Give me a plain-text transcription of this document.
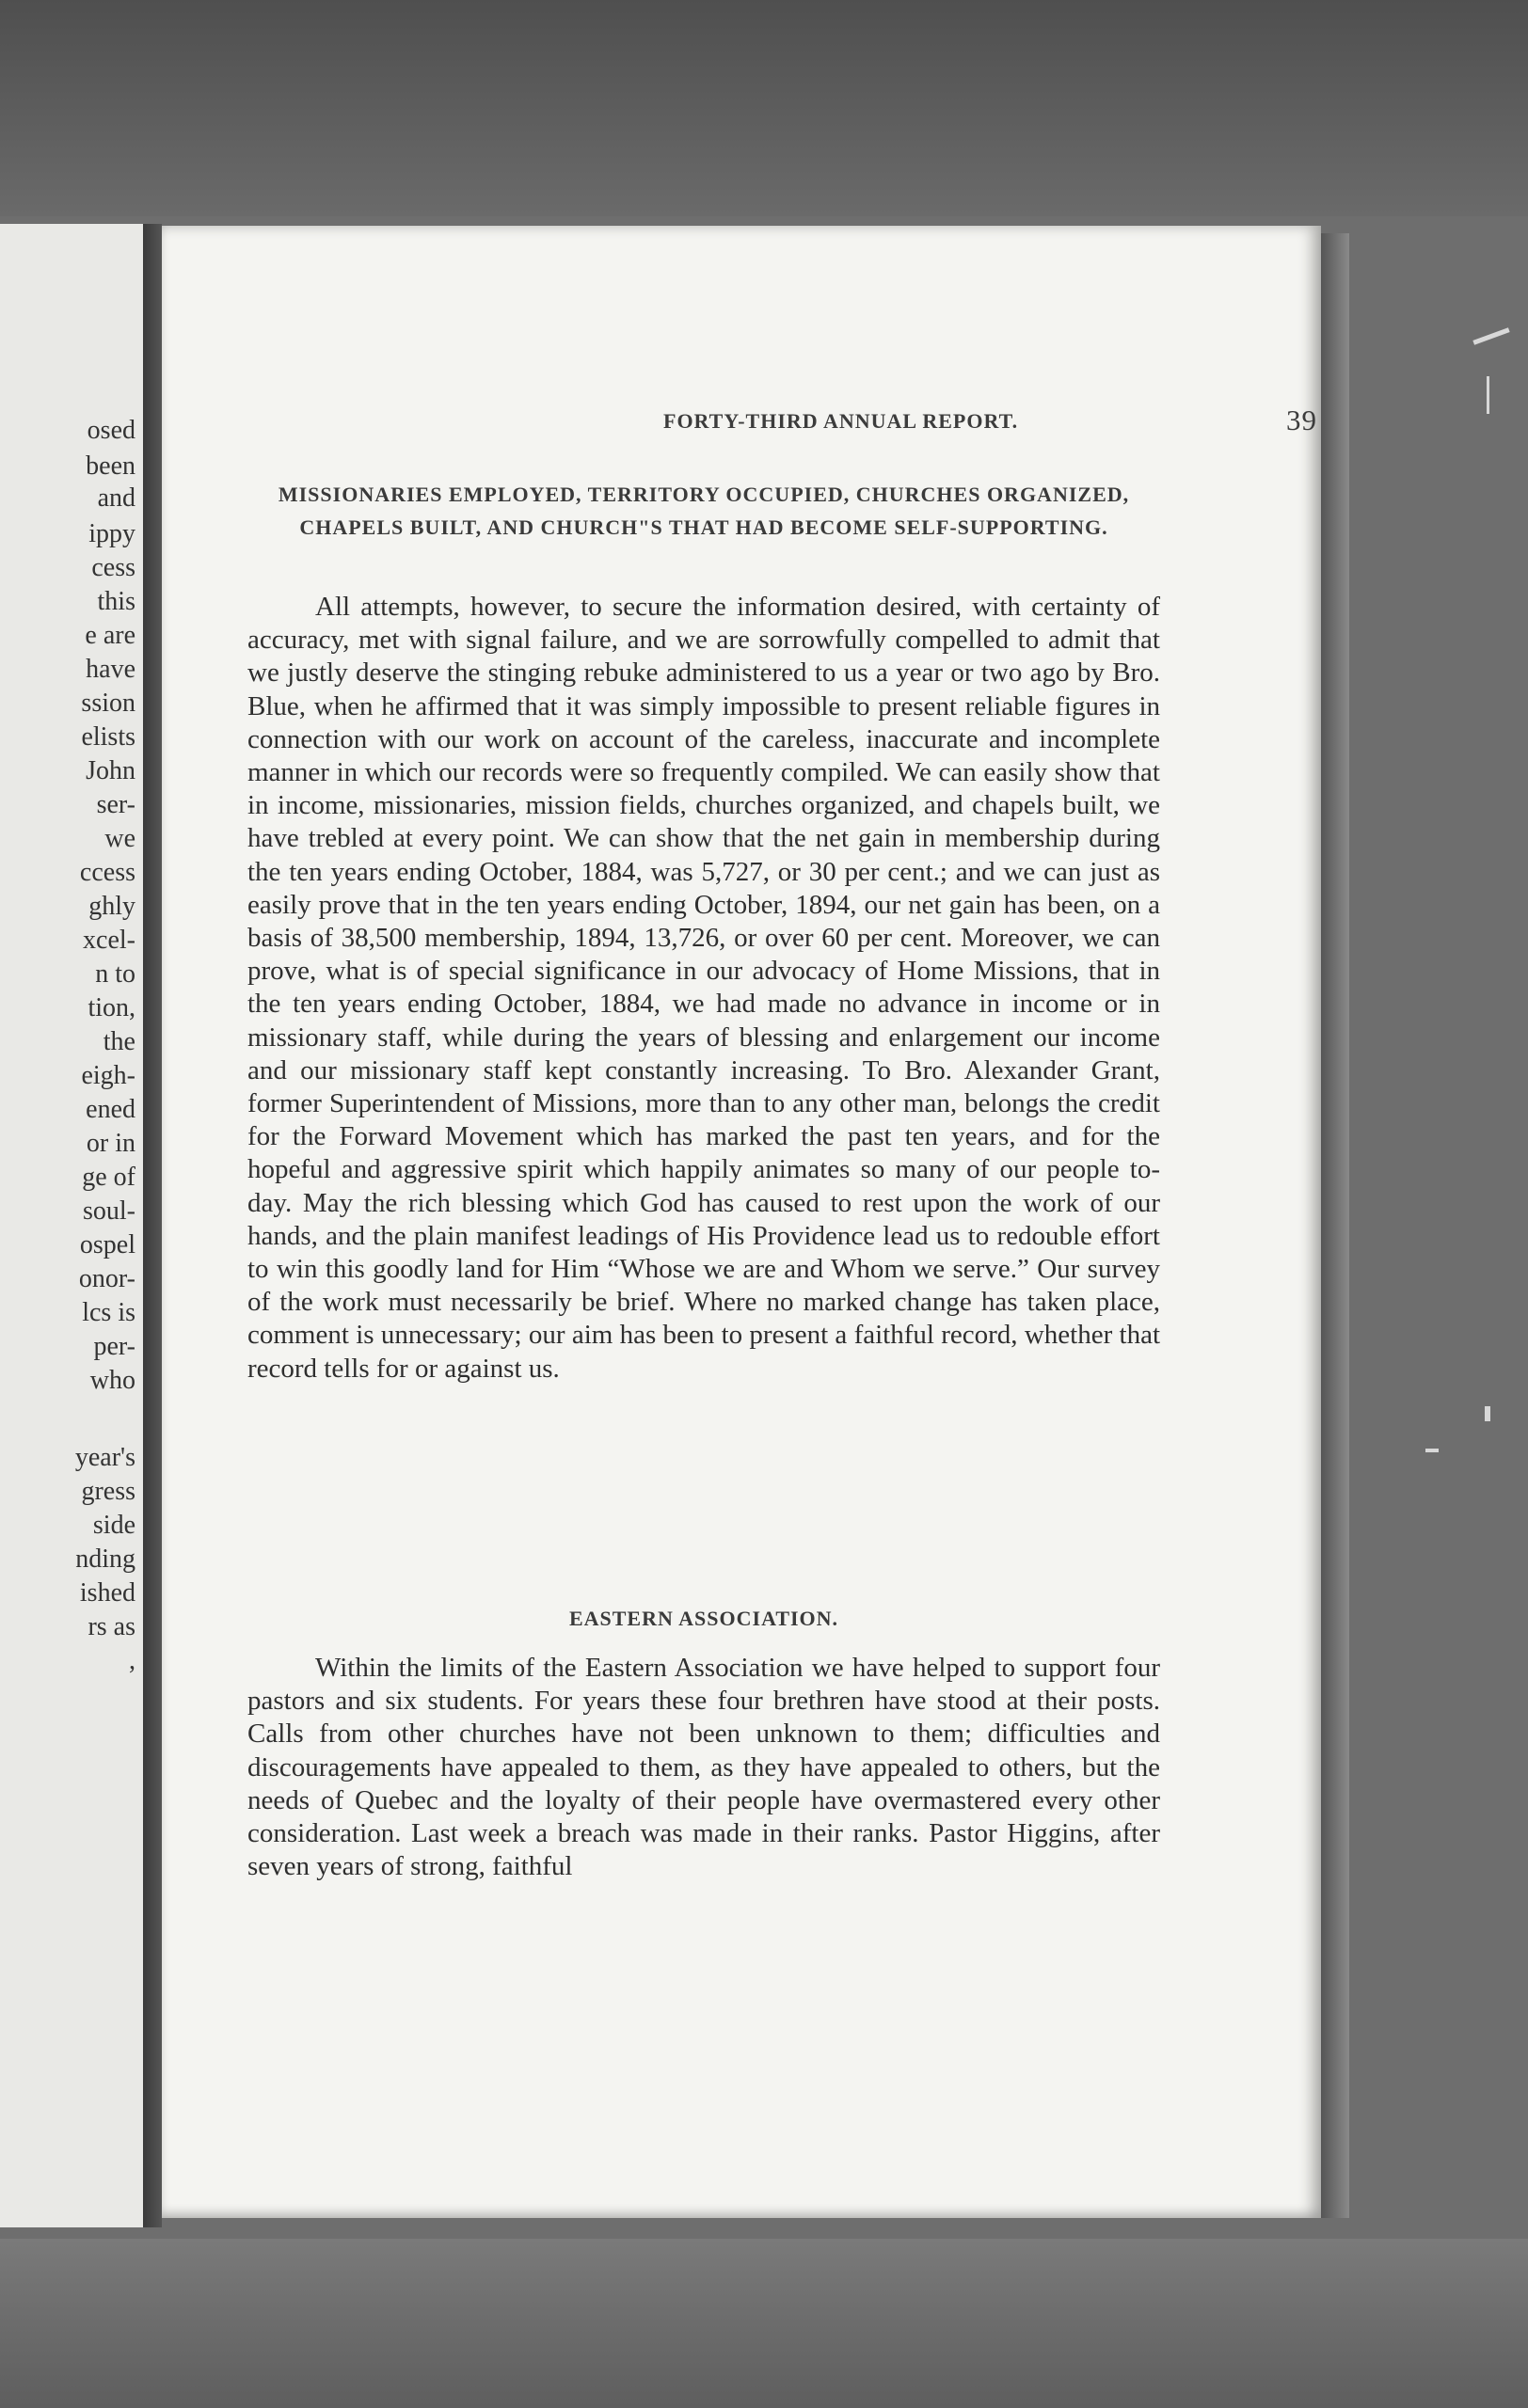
osed
been
and
ippy
cess
this
e are
have
ssion
elists
John
ser-
we
ccess
ghly
xcel-
n to
tion,
the
eigh-
ened
or in
ge of
soul-
ospel
onor-
lcs is
per-
who
year's
gress
side
nding
ished
rs as
,
FORTY-THIRD ANNUAL REPORT.	39
MISSIONARIES EMPLOYED, TERRITORY OCCUPIED, CHURCHES ORGANIZED, CHAPELS BUILT, AND CHURCH"S THAT HAD BECOME SELF-SUPPORTING.

All attempts, however, to secure the information desired, with certainty of accuracy, met with signal failure, and we are sorrowfully compelled to admit that we justly deserve the stinging rebuke administered to us a year or two ago by Bro. Blue, when he affirmed that it was simply impossible to present reliable figures in connection with our work on account of the careless, inaccurate and incomplete manner in which our records were so frequently compiled. We can easily show that in income, missionaries, mission fields, churches organized, and chapels built, we have trebled at every point. We can show that the net gain in membership during the ten years ending October, 1884, was 5,727, or 30 per cent.; and we can just as easily prove that in the ten years ending October, 1894, our net gain has been, on a basis of 38,500 membership, 1894, 13,726, or over 60 per cent. Moreover, we can prove, what is of special significance in our advocacy of Home Missions, that in the ten years ending October, 1884, we had made no advance in income or in missionary staff, while during the years of blessing and enlargement our income and our missionary staff kept constantly increasing. To Bro. Alexander Grant, former Superintendent of Missions, more than to any other man, belongs the credit for the Forward Movement which has marked the past ten years, and for the hopeful and aggressive spirit which happily animates so many of our people to-day. May the rich blessing which God has caused to rest upon the work of our hands, and the plain manifest leadings of His Providence lead us to redouble effort to win this goodly land for Him “Whose we are and Whom we serve.” Our survey of the work must necessarily be brief. Where no marked change has taken place, comment is unnecessary; our aim has been to present a faithful record, whether that record tells for or against us.

EASTERN ASSOCIATION.

Within the limits of the Eastern Association we have helped to support four pastors and six students. For years these four brethren have stood at their posts. Calls from other churches have not been unknown to them; difficulties and discouragements have appealed to them, as they have appealed to others, but the needs of Quebec and the loyalty of their people have overmastered every other consideration. Last week a breach was made in their ranks. Pastor Higgins, after seven years of strong, faithful
